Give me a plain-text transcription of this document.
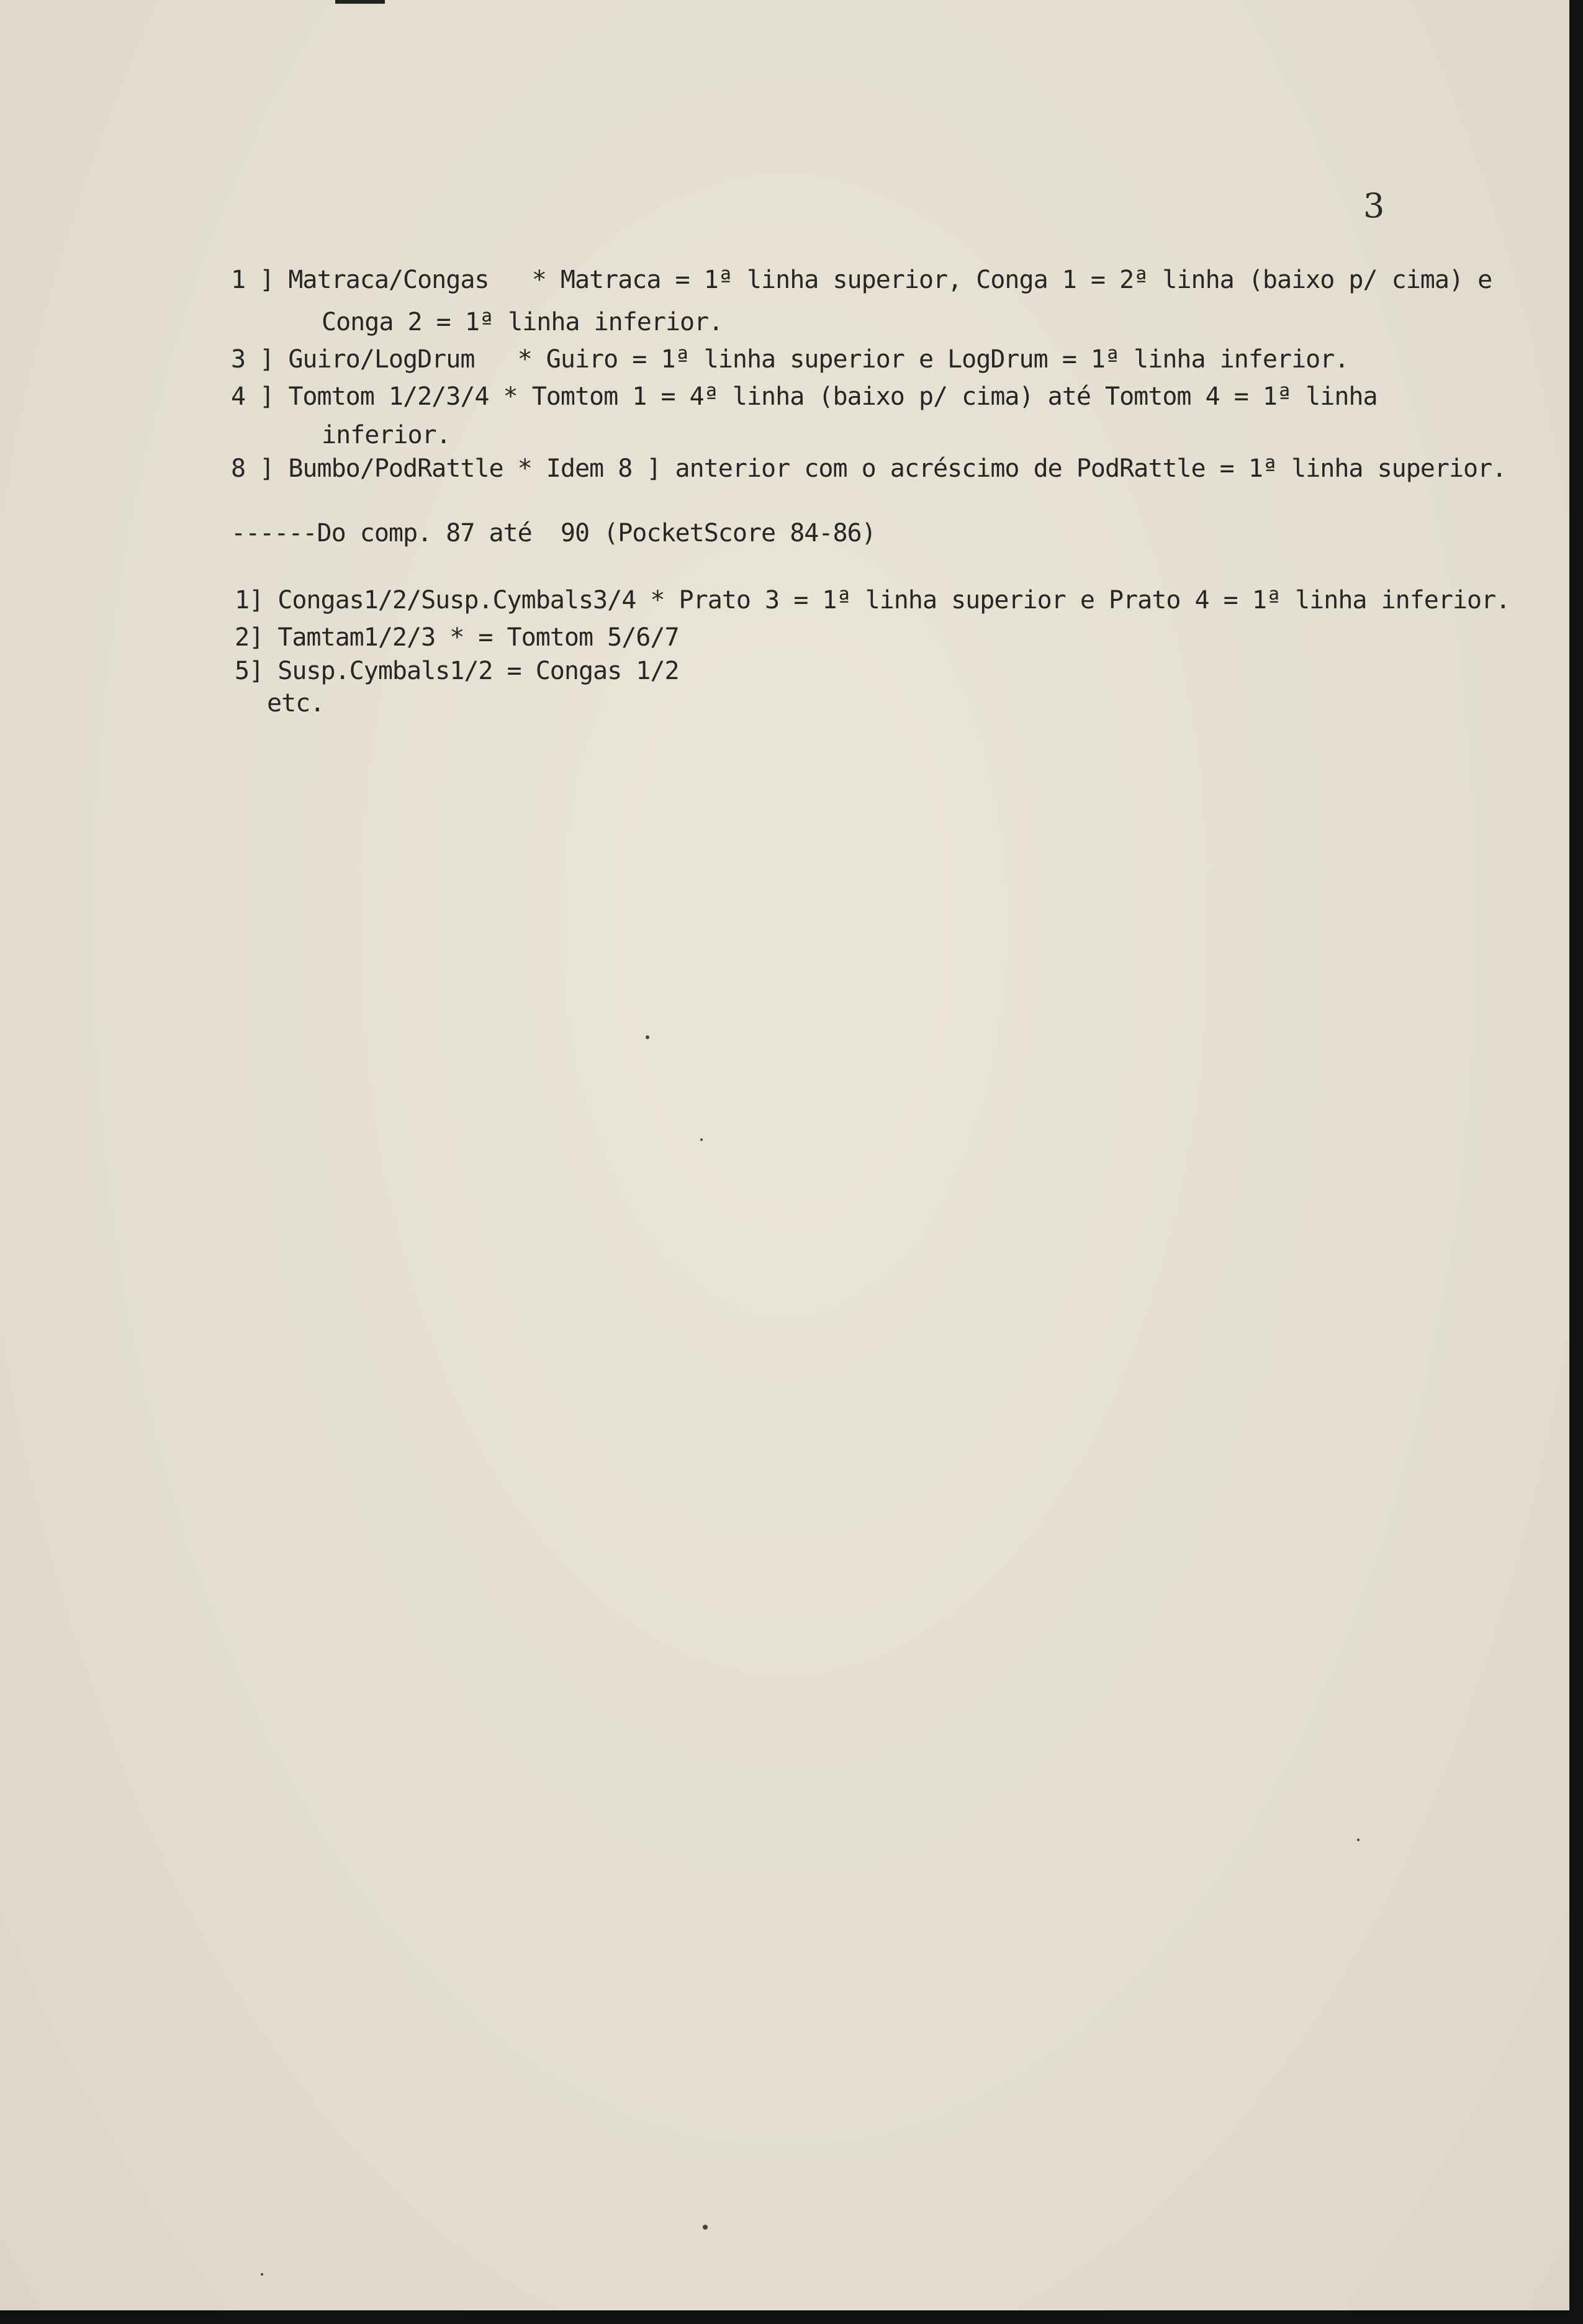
3
1 ] Matraca/Congas   * Matraca = 1ª linha superior, Conga 1 = 2ª linha (baixo p/ cima) e
Conga 2 = 1ª linha inferior.
3 ] Guiro/LogDrum   * Guiro = 1ª linha superior e LogDrum = 1ª linha inferior.
4 ] Tomtom 1/2/3/4 * Tomtom 1 = 4ª linha (baixo p/ cima) até Tomtom 4 = 1ª linha
inferior.
8 ] Bumbo/PodRattle * Idem 8 ] anterior com o acréscimo de PodRattle = 1ª linha superior.
------Do comp. 87 até  90 (PocketScore 84-86)
1] Congas1/2/Susp.Cymbals3/4 * Prato 3 = 1ª linha superior e Prato 4 = 1ª linha inferior.
2] Tamtam1/2/3 * = Tomtom 5/6/7
5] Susp.Cymbals1/2 = Congas 1/2
etc.
